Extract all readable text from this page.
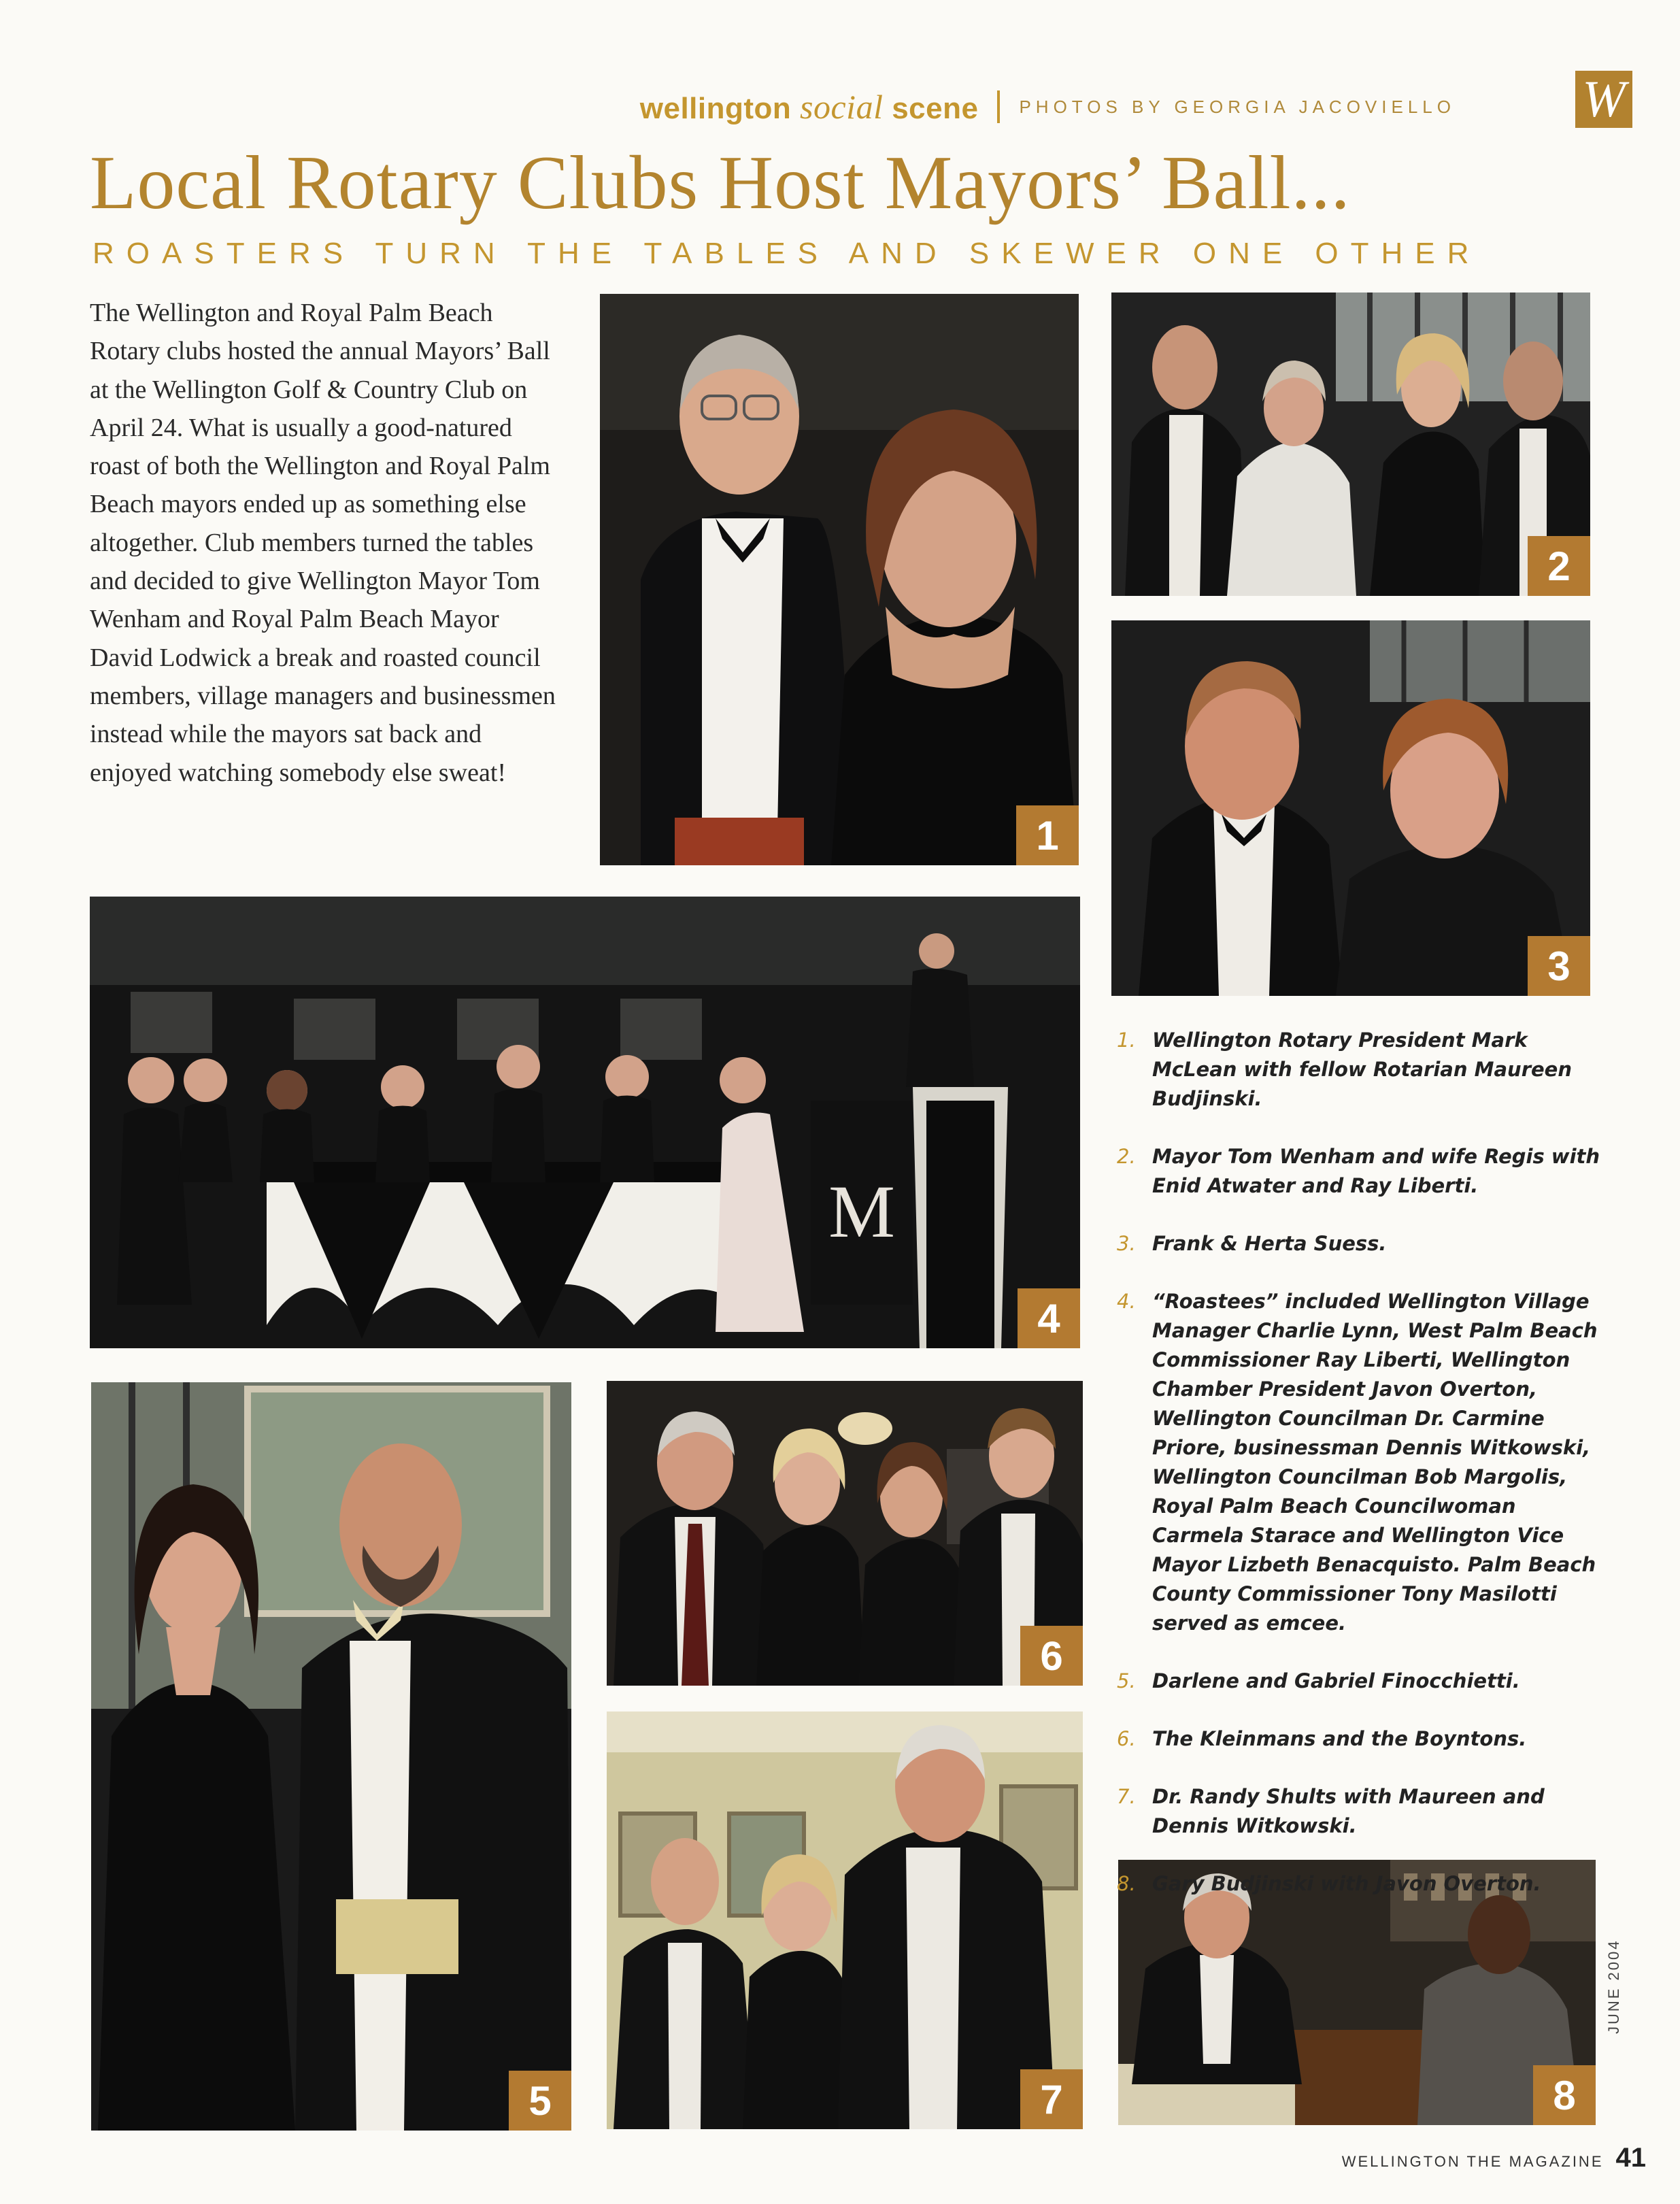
wellington social scene PHOTOS BY GEORGIA JACOVIELLO W
Local Rotary Clubs Host Mayors’ Ball...
ROASTERS TURN THE TABLES AND SKEWER ONE OTHER
The Wellington and Royal Palm Beach Rotary clubs hosted the annual Mayors’ Ball at the Wellington Golf & Country Club on April 24. What is usually a good-natured roast of both the Wellington and Royal Palm Beach mayors ended up as something else altogether. Club members turned the tables and decided to give Wellington Mayor Tom Wenham and Royal Palm Beach Mayor David Lodwick a break and roasted council members, village managers and businessmen instead while the mayors sat back and enjoyed watching somebody else sweat!
1
2
3
M
4
5
6
7	8
1. Wellington Rotary President Mark McLean with fellow Rotarian Maureen Budjinski.
2. Mayor Tom Wenham and wife Regis with Enid Atwater and Ray Liberti.
3. Frank & Herta Suess.
4. “Roastees” included Wellington Village Manager Charlie Lynn, West Palm Beach Commissioner Ray Liberti, Wellington Chamber President Javon Overton, Wellington Councilman Dr. Carmine Priore, businessman Dennis Witkowski, Wellington Councilman Bob Margolis, Royal Palm Beach Councilwoman Carmela Starace and Wellington Vice Mayor Lizbeth Benacquisto. Palm Beach County Commissioner Tony Masilotti served as emcee.
5. Darlene and Gabriel Finocchietti.
6. The Kleinmans and the Boyntons.
7. Dr. Randy Shults with Maureen and Dennis Witkowski.
8. Gary Budjinski with Javon Overton.
JUNE 2004
WELLINGTON THE MAGAZINE 41
